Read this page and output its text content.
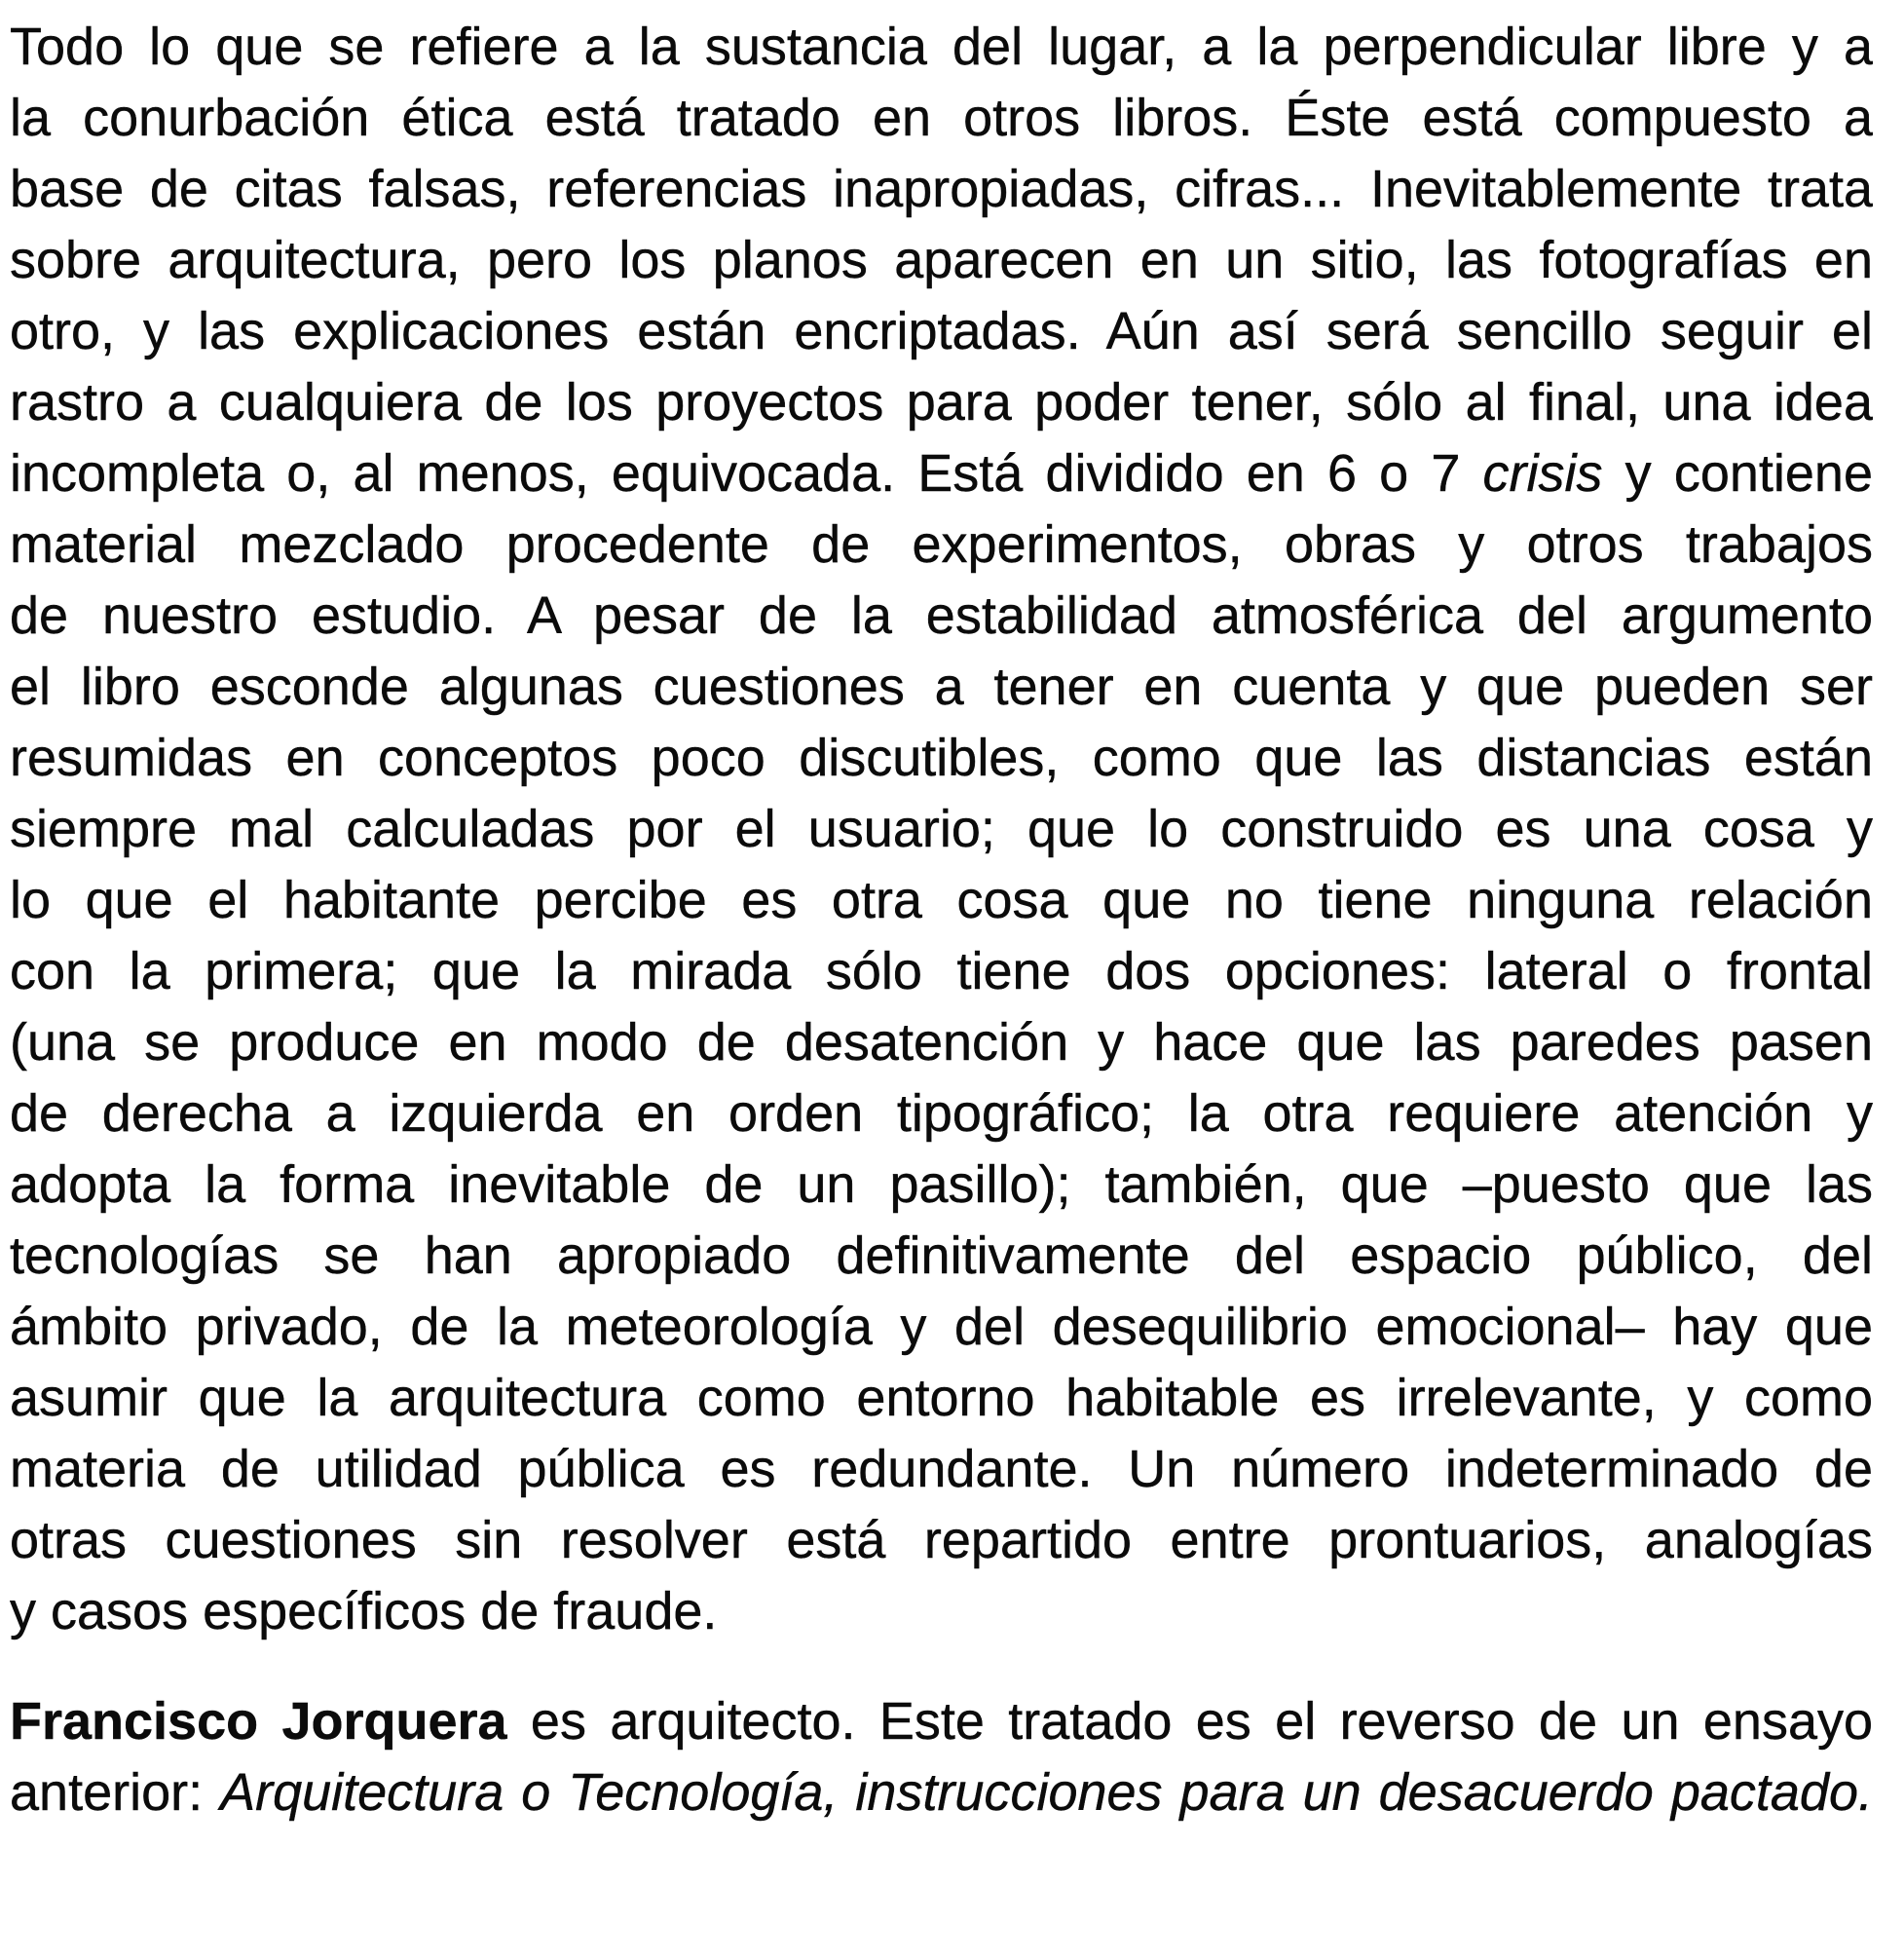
Todo lo que se refiere a la sustancia del lugar, a la perpendicular libre y a
la conurbación ética está tratado en otros libros. Éste está compuesto a
base de citas falsas, referencias inapropiadas, cifras... Inevitablemente trata
sobre arquitectura, pero los planos aparecen en un sitio, las fotografías en
otro, y las explicaciones están encriptadas. Aún así será sencillo seguir el
rastro a cualquiera de los proyectos para poder tener, sólo al final, una idea
incompleta o, al menos, equivocada. Está dividido en 6 o 7 crisis y contiene
material mezclado procedente de experimentos, obras y otros trabajos
de nuestro estudio. A pesar de la estabilidad atmosférica del argumento
el libro esconde algunas cuestiones a tener en cuenta y que pueden ser
resumidas en conceptos poco discutibles, como que las distancias están
siempre mal calculadas por el usuario; que lo construido es una cosa y
lo que el habitante percibe es otra cosa que no tiene ninguna relación
con la primera; que la mirada sólo tiene dos opciones: lateral o frontal
(una se produce en modo de desatención y hace que las paredes pasen
de derecha a izquierda en orden tipográfico; la otra requiere atención y
adopta la forma inevitable de un pasillo); también, que –puesto que las
tecnologías se han apropiado definitivamente del espacio público, del
ámbito privado, de la meteorología y del desequilibrio emocional– hay que
asumir que la arquitectura como entorno habitable es irrelevante, y como
materia de utilidad pública es redundante. Un número indeterminado de
otras cuestiones sin resolver está repartido entre prontuarios, analogías
y casos específicos de fraude.
Francisco Jorquera es arquitecto. Este tratado es el reverso de un ensayo
anterior: Arquitectura o Tecnología, instrucciones para un desacuerdo pactado.
